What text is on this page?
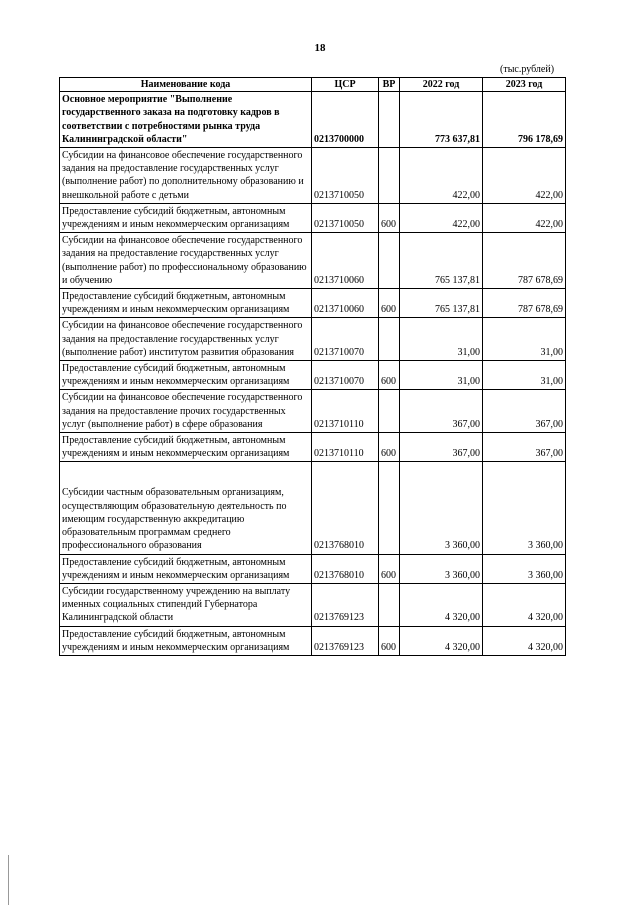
18
(тыс.рублей)
Наименование кода	ЦСР	ВР	2022 год	2023 год
Основное мероприятие "Выполнение государственного заказа на подготовку кадров в соответствии с потребностями рынка труда Калининградской области"	0213700000		773 637,81	796 178,69
Субсидии на финансовое обеспечение государственного задания на предоставление государственных услуг (выполнение работ) по дополнительному образованию и внешкольной работе с детьми	0213710050		422,00	422,00
Предоставление субсидий бюджетным, автономным учреждениям и иным некоммерческим организациям	0213710050	600	422,00	422,00
Субсидии на финансовое обеспечение государственного задания на предоставление государственных услуг (выполнение работ) по профессиональному образованию и обучению	0213710060		765 137,81	787 678,69
Предоставление субсидий бюджетным, автономным учреждениям и иным некоммерческим организациям	0213710060	600	765 137,81	787 678,69
Субсидии на финансовое обеспечение государственного задания на предоставление государственных услуг (выполнение работ) институтом развития образования	0213710070		31,00	31,00
Предоставление субсидий бюджетным, автономным учреждениям и иным некоммерческим организациям	0213710070	600	31,00	31,00
Субсидии на финансовое обеспечение государственного задания на предоставление прочих государственных услуг (выполнение работ) в сфере образования	0213710110		367,00	367,00
Предоставление субсидий бюджетным, автономным учреждениям и иным некоммерческим организациям	0213710110	600	367,00	367,00
Субсидии частным образовательным организациям, осуществляющим образовательную деятельность по имеющим государственную аккредитацию образовательным программам среднего профессионального образования	0213768010		3 360,00	3 360,00
Предоставление субсидий бюджетным, автономным учреждениям и иным некоммерческим организациям	0213768010	600	3 360,00	3 360,00
Субсидии государственному учреждению на выплату именных социальных стипендий Губернатора Калининградской области	0213769123		4 320,00	4 320,00
Предоставление субсидий бюджетным, автономным учреждениям и иным некоммерческим организациям	0213769123	600	4 320,00	4 320,00
